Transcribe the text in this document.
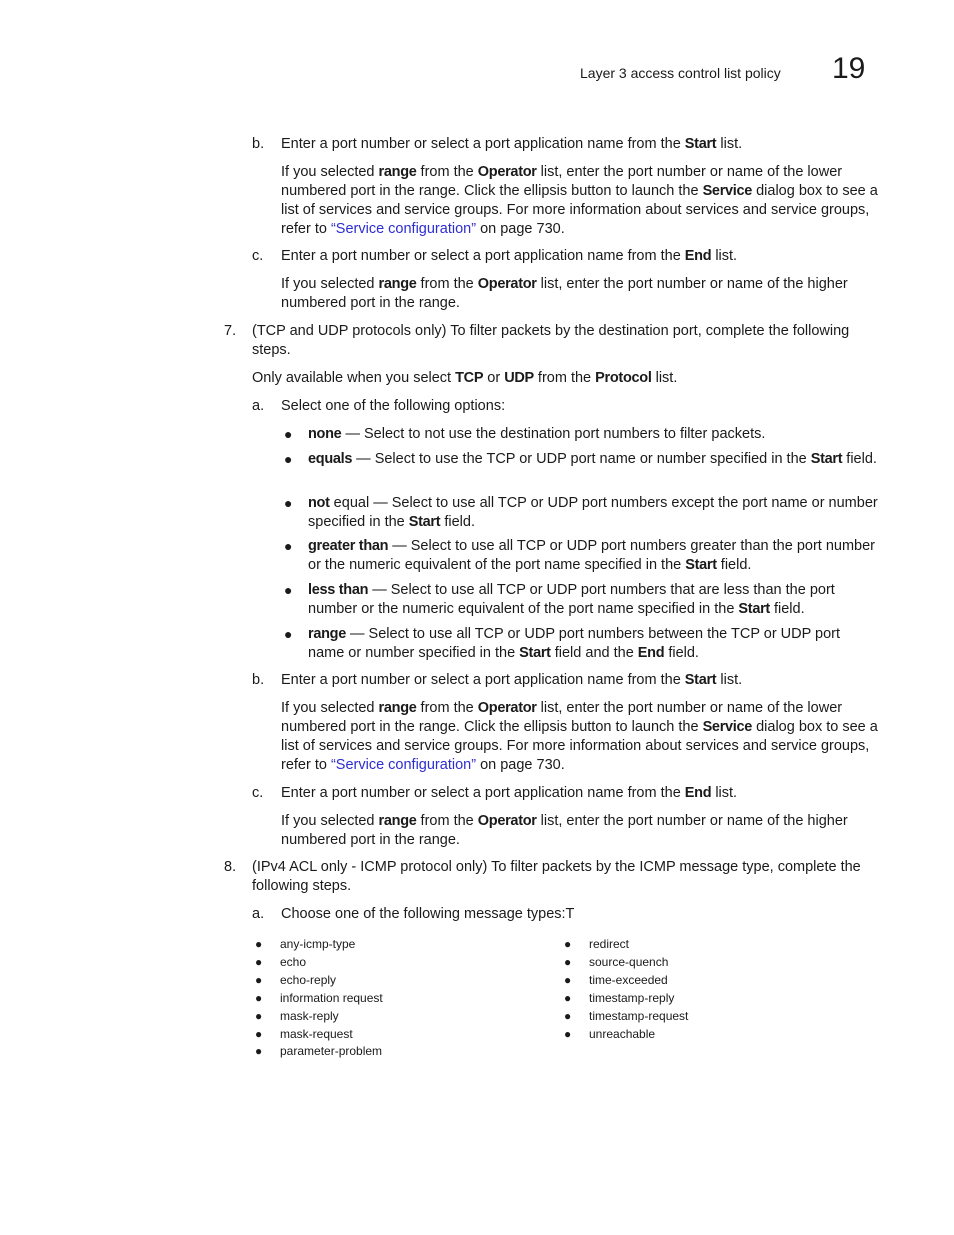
Layer 3 access control list policy 19
b. Enter a port number or select a port application name from the Start list.

If you selected range from the Operator list, enter the port number or name of the lower numbered port in the range. Click the ellipsis button to launch the Service dialog box to see a list of services and service groups. For more information about services and service groups, refer to “Service configuration” on page 730.

c. Enter a port number or select a port application name from the End list.

If you selected range from the Operator list, enter the port number or name of the higher numbered port in the range.

7. (TCP and UDP protocols only) To filter packets by the destination port, complete the following steps.

Only available when you select TCP or UDP from the Protocol list.

a. Select one of the following options:

● none — Select to not use the destination port numbers to filter packets.

● equals — Select to use the TCP or UDP port name or number specified in the Start field.

● not equal — Select to use all TCP or UDP port numbers except the port name or number specified in the Start field.

● greater than — Select to use all TCP or UDP port numbers greater than the port number or the numeric equivalent of the port name specified in the Start field.

● less than — Select to use all TCP or UDP port numbers that are less than the port number or the numeric equivalent of the port name specified in the Start field.

● range — Select to use all TCP or UDP port numbers between the TCP or UDP port name or number specified in the Start field and the End field.

b. Enter a port number or select a port application name from the Start list.

If you selected range from the Operator list, enter the port number or name of the lower numbered port in the range. Click the ellipsis button to launch the Service dialog box to see a list of services and service groups. For more information about services and service groups, refer to “Service configuration” on page 730.

c. Enter a port number or select a port application name from the End list.

If you selected range from the Operator list, enter the port number or name of the higher numbered port in the range.

8. (IPv4 ACL only - ICMP protocol only) To filter packets by the ICMP message type, complete the following steps.

a. Choose one of the following message types:T

● any-icmp-type
● echo
● echo-reply
● information request
● mask-reply
● mask-request
● parameter-problem
● redirect
● source-quench
● time-exceeded
● timestamp-reply
● timestamp-request
● unreachable
